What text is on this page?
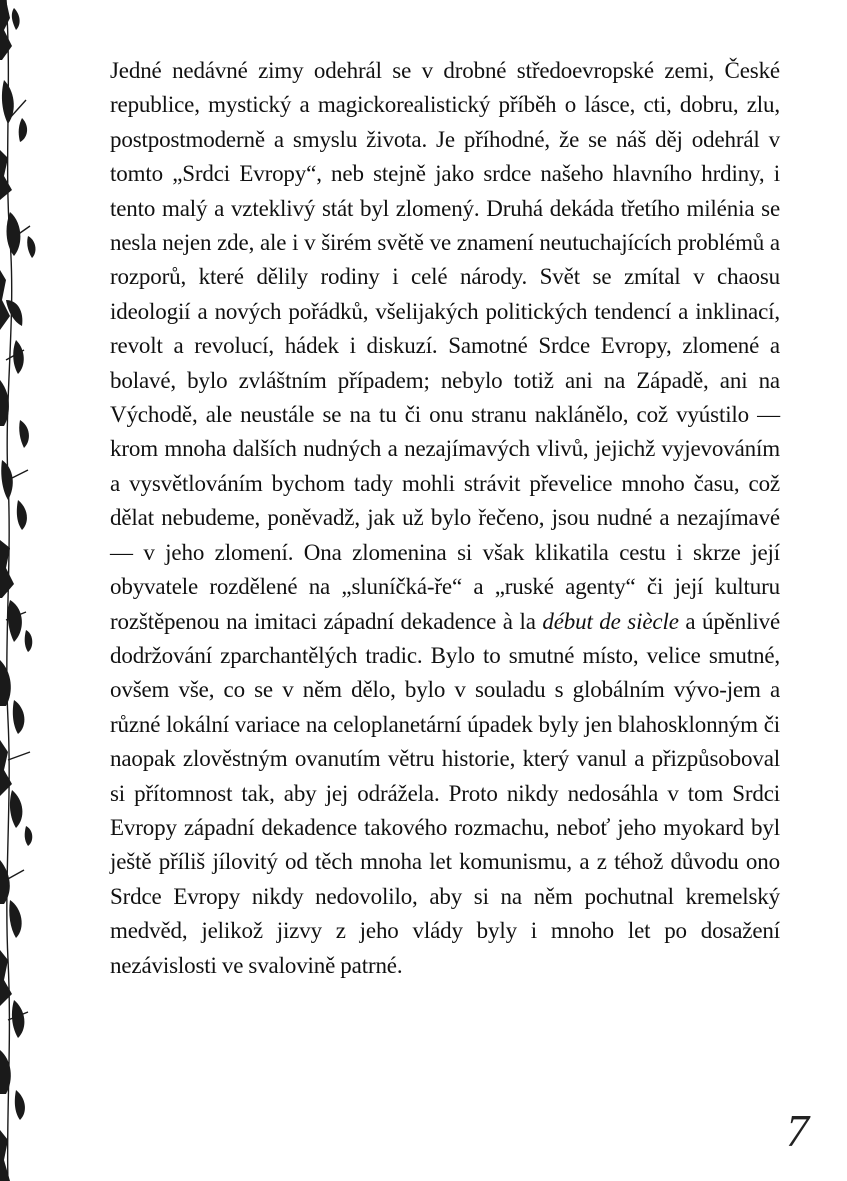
Jedné nedávné zimy odehrál se v drobné středoevropské zemi, České republice, mystický a magickorealistický příběh o lásce, cti, dobru, zlu, postpostmoderně a smyslu života. Je příhodné, že se náš děj odehrál v tomto „Srdci Evropy“, neb stejně jako srdce našeho hlavního hrdiny, i tento malý a vzteklivý stát byl zlomený. Druhá dekáda třetího milénia se nesla nejen zde, ale i v širém světě ve znamení neutuchajících problémů a rozporů, které dělily rodiny i celé národy. Svět se zmítal v chaosu ideologií a nových pořádků, všelijakých politických tendencí a inklinací, revolt a revolucí, hádek i diskuzí. Samotné Srdce Evropy, zlomené a bolavé, bylo zvláštním případem; nebylo totiž ani na Západě, ani na Východě, ale neustále se na tu či onu stranu naklánělo, což vyústilo — krom mnoha dalších nudných a nezajímavých vlivů, jejichž vyjevováním a vysvětlováním bychom tady mohli strávit převelice mnoho času, což dělat nebudeme, poněvadž, jak už bylo řečeno, jsou nudné a nezajímavé — v jeho zlomení. Ona zlomenina si však klikatila cestu i skrze její obyvatele rozdělené na „sluníčká-ře“ a „ruské agenty“ či její kulturu rozštěpenou na imitaci západní dekadence à la début de siècle a úpěnlivé dodržování zparchantělých tradic. Bylo to smutné místo, velice smutné, ovšem vše, co se v něm dělo, bylo v souladu s globálním vývo-jem a různé lokální variace na celoplanetární úpadek byly jen blahosklonným či naopak zlověstným ovanutím větru historie, který vanul a přizpůsoboval si přítomnost tak, aby jej odrážela. Proto nikdy nedosáhla v tom Srdci Evropy západní dekadence takového rozmachu, neboť jeho myokard byl ještě příliš jílovitý od těch mnoha let komunismu, a z téhož důvodu ono Srdce Evropy nikdy nedovolilo, aby si na něm pochutnal kremelský medvěd, jelikož jizvy z jeho vlády byly i mnoho let po dosažení nezávislosti ve svalovině patrné.
7
